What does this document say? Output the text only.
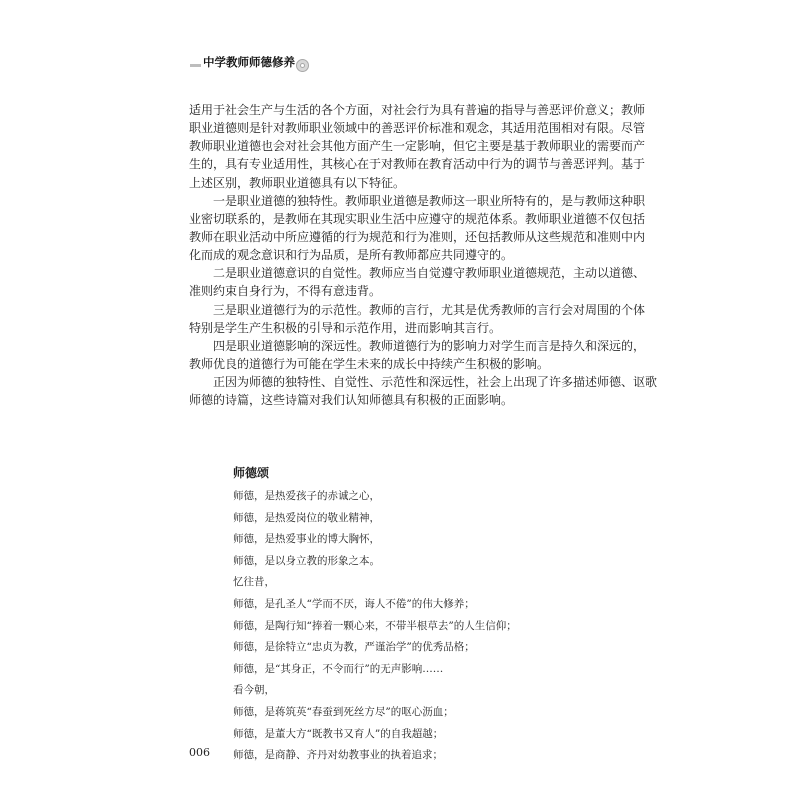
中学教师师德修养
适用于社会生产与生活的各个方面，对社会行为具有普遍的指导与善恶评价意义；教师
职业道德则是针对教师职业领域中的善恶评价标准和观念，其适用范围相对有限。尽管
教师职业道德也会对社会其他方面产生一定影响，但它主要是基于教师职业的需要而产
生的，具有专业适用性，其核心在于对教师在教育活动中行为的调节与善恶评判。基于
上述区别，教师职业道德具有以下特征。
一是职业道德的独特性。教师职业道德是教师这一职业所特有的，是与教师这种职
业密切联系的，是教师在其现实职业生活中应遵守的规范体系。教师职业道德不仅包括
教师在职业活动中所应遵循的行为规范和行为准则，还包括教师从这些规范和准则中内
化而成的观念意识和行为品质，是所有教师都应共同遵守的。
二是职业道德意识的自觉性。教师应当自觉遵守教师职业道德规范，主动以道德、
准则约束自身行为，不得有意违背。
三是职业道德行为的示范性。教师的言行，尤其是优秀教师的言行会对周围的个体
特别是学生产生积极的引导和示范作用，进而影响其言行。
四是职业道德影响的深远性。教师道德行为的影响力对学生而言是持久和深远的，
教师优良的道德行为可能在学生未来的成长中持续产生积极的影响。
正因为师德的独特性、自觉性、示范性和深远性，社会上出现了许多描述师德、讴歌
师德的诗篇，这些诗篇对我们认知师德具有积极的正面影响。
师德颂
师德，是热爱孩子的赤诚之心，
师德，是热爱岗位的敬业精神，
师德，是热爱事业的博大胸怀，
师德，是以身立教的形象之本。
忆往昔，
师德，是孔圣人“学而不厌，诲人不倦”的伟大修养；
师德，是陶行知“捧着一颗心来，不带半根草去”的人生信仰；
师德，是徐特立“忠贞为教，严谨治学”的优秀品格；
师德，是“其身正，不令而行”的无声影响……
看今朝，
师德，是蒋筑英“春蚕到死丝方尽”的呕心沥血；
师德，是董大方“既教书又育人”的自我超越；
师德，是商静、齐丹对幼教事业的执着追求；
006
